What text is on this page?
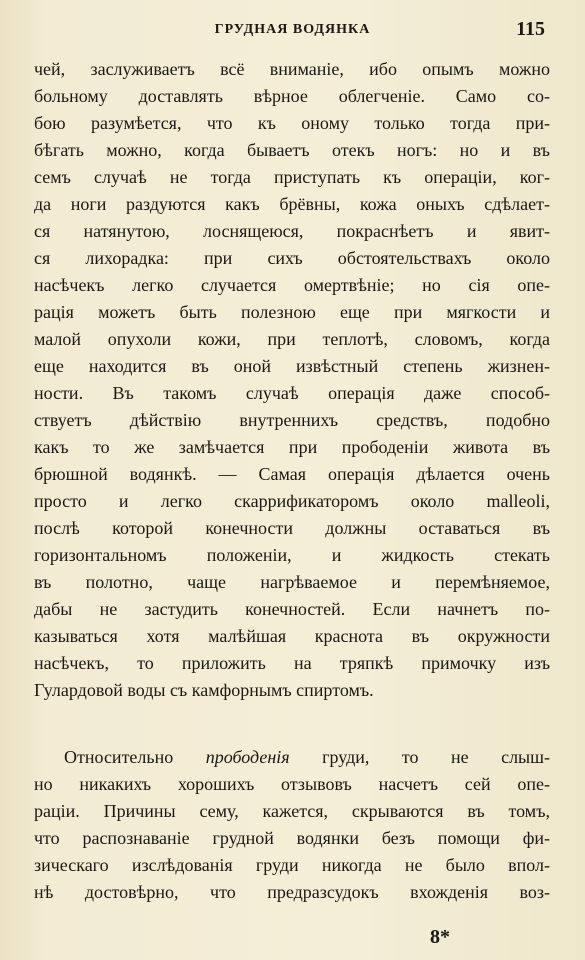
ГРУДНАЯ ВОДЯНКА	115
чей, заслуживаетъ всё вниманіе, ибо опымъ можно
больному доставлять вѣрное облегченіе. Само со-
бою разумѣется, что къ оному только тогда при-
бѣгать можно, когда бываетъ отекъ ногъ: но и въ
семъ случаѣ не тогда приступать къ операціи, ког-
да ноги раздуются какъ брёвны, кожа оныхъ сдѣлает-
ся натянутою, лоснящеюся, покраснѣетъ и явит-
ся лихорадка: при сихъ обстоятельствахъ около
насѣчекъ легко случается омертвѣніе; но сія опе-
рація можетъ быть полезною еще при мягкости и
малой опухоли кожи, при теплотѣ, словомъ, когда
еще находится въ оной извѣстный степень жизнен-
ности. Въ такомъ случаѣ операція даже способ-
ствуетъ дѣйствію внутреннихъ средствъ, подобно
какъ то же замѣчается при прободеніи живота въ
брюшной водянкѣ. — Самая операція дѣлается очень
просто и легко скаррификаторомъ около malleoli,
послѣ которой конечности должны оставаться въ
горизонтальномъ положеніи, и жидкость стекать
въ полотно, чаще нагрѣваемое и перемѣняемое,
дабы не застудить конечностей. Если начнетъ по-
казываться хотя малѣйшая краснота въ окружности
насѣчекъ, то приложить на тряпкѣ примочку изъ
Гулардовой воды съ камфорнымъ спиртомъ.
Относительно прободенія груди, то не слыш-
но никакихъ хорошихъ отзывовъ насчетъ сей опе-
раціи. Причины сему, кажется, скрываются въ томъ,
что распознаваніе грудной водянки безъ помощи фи-
зическаго изслѣдованія груди никогда не было впол-
нѣ достовѣрно, что предразсудокъ вхожденія воз-
8*
